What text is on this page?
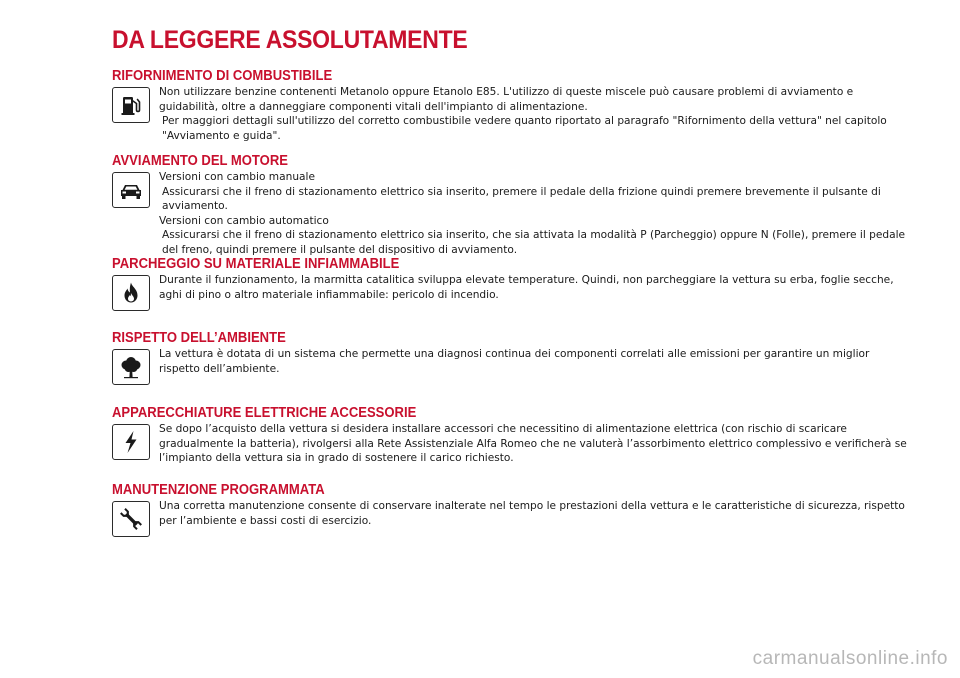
DA LEGGERE ASSOLUTAMENTE
RIFORNIMENTO DI COMBUSTIBILE

Non utilizzare benzine contenenti Metanolo oppure Etanolo E85. L'utilizzo di queste miscele può causare problemi di avviamento e guidabilità, oltre a danneggiare componenti vitali dell'impianto di alimentazione.

Per maggiori dettagli sull'utilizzo del corretto combustibile vedere quanto riportato al paragrafo "Rifornimento della vettura" nel capitolo "Avviamento e guida".

AVVIAMENTO DEL MOTORE

Versioni con cambio manuale

Assicurarsi che il freno di stazionamento elettrico sia inserito, premere il pedale della frizione quindi premere brevemente il pulsante di avviamento.

Versioni con cambio automatico

Assicurarsi che il freno di stazionamento elettrico sia inserito, che sia attivata la modalità P (Parcheggio) oppure N (Folle), premere il pedale del freno, quindi premere il pulsante del dispositivo di avviamento.

PARCHEGGIO SU MATERIALE INFIAMMABILE

Durante il funzionamento, la marmitta catalitica sviluppa elevate temperature. Quindi, non parcheggiare la vettura su erba, foglie secche, aghi di pino o altro materiale infiammabile: pericolo di incendio.

RISPETTO DELL’AMBIENTE

La vettura è dotata di un sistema che permette una diagnosi continua dei componenti correlati alle emissioni per garantire un miglior rispetto dell’ambiente.

APPARECCHIATURE ELETTRICHE ACCESSORIE

Se dopo l’acquisto della vettura si desidera installare accessori che necessitino di alimentazione elettrica (con rischio di scaricare gradualmente la batteria), rivolgersi alla Rete Assistenziale Alfa Romeo che ne valuterà l’assorbimento elettrico complessivo e verificherà se l’impianto della vettura sia in grado di sostenere il carico richiesto.

MANUTENZIONE PROGRAMMATA

Una corretta manutenzione consente di conservare inalterate nel tempo le prestazioni della vettura e le caratteristiche di sicurezza, rispetto per l’ambiente e bassi costi di esercizio.

carmanualsonline.info
